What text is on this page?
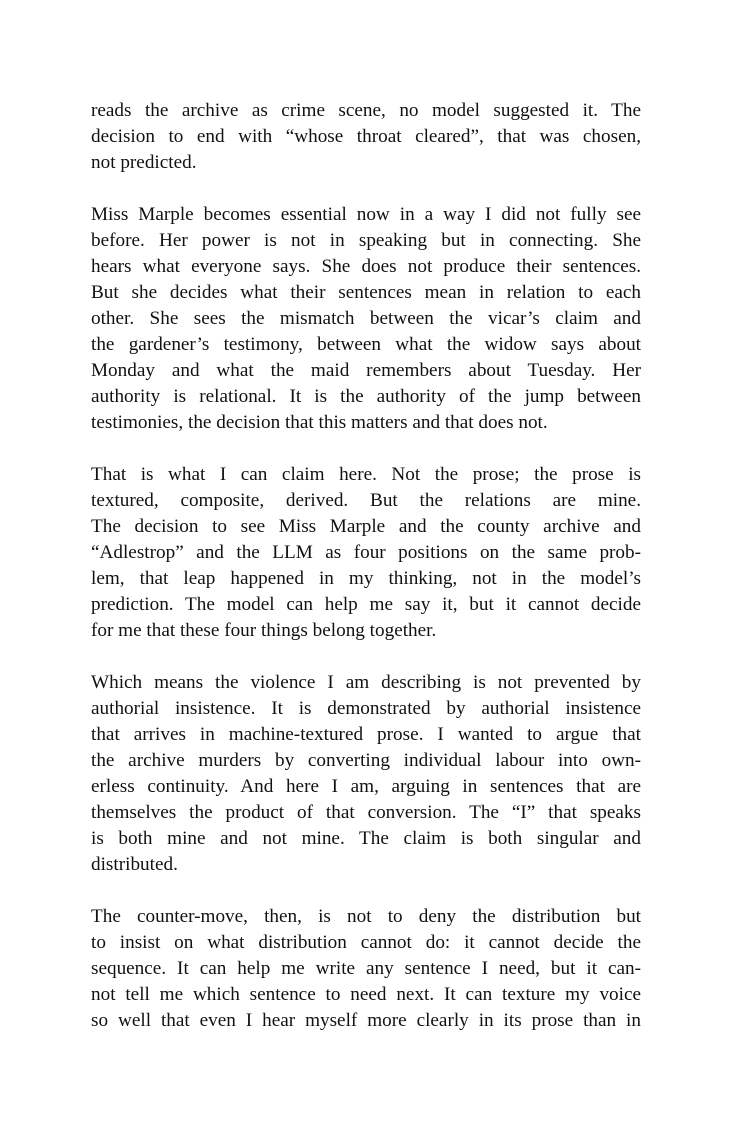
reads the archive as crime scene, no model suggested it. The
decision to end with “whose throat cleared”, that was chosen,
not predicted.
Miss Marple becomes essential now in a way I did not fully see
before. Her power is not in speaking but in connecting. She
hears what everyone says. She does not produce their sentences.
But she decides what their sentences mean in relation to each
other. She sees the mismatch between the vicar’s claim and
the gardener’s testimony, between what the widow says about
Monday and what the maid remembers about Tuesday. Her
authority is relational. It is the authority of the jump between
testimonies, the decision that this matters and that does not.
That is what I can claim here. Not the prose; the prose is
textured, composite, derived. But the relations are mine.
The decision to see Miss Marple and the county archive and
“Adlestrop” and the LLM as four positions on the same prob-
lem, that leap happened in my thinking, not in the model’s
prediction. The model can help me say it, but it cannot decide
for me that these four things belong together.
Which means the violence I am describing is not prevented by
authorial insistence. It is demonstrated by authorial insistence
that arrives in machine-textured prose. I wanted to argue that
the archive murders by converting individual labour into own-
erless continuity. And here I am, arguing in sentences that are
themselves the product of that conversion. The “I” that speaks
is both mine and not mine. The claim is both singular and
distributed.
The counter-move, then, is not to deny the distribution but
to insist on what distribution cannot do: it cannot decide the
sequence. It can help me write any sentence I need, but it can-
not tell me which sentence to need next. It can texture my voice
so well that even I hear myself more clearly in its prose than in
